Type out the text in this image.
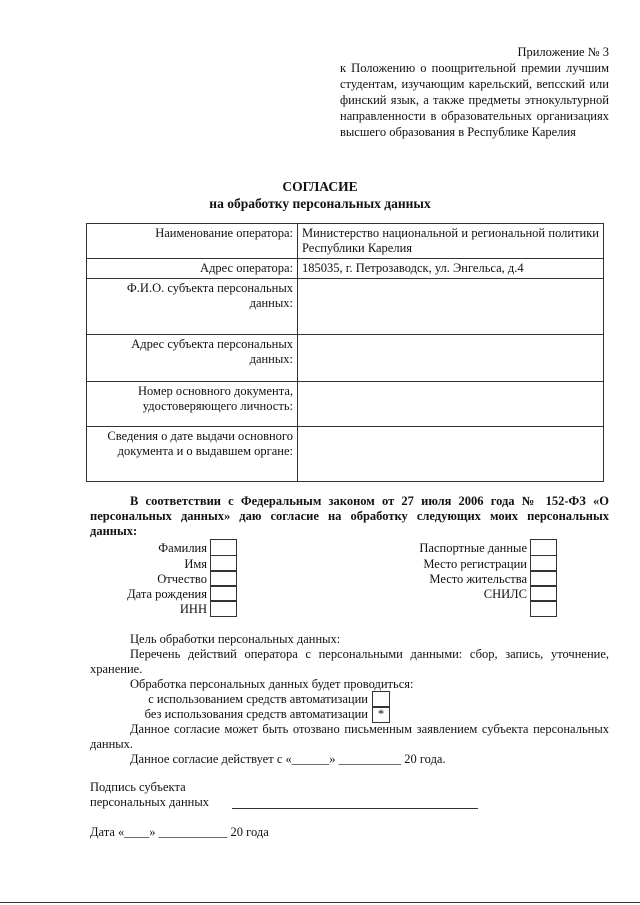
Приложение № 3
к Положению о поощрительной премии лучшим студентам, изучающим карельский, вепсский или финский язык, а также предметы этнокультурной направленности в образовательных организациях высшего образования в Республике Карелия
СОГЛАСИЕ
на обработку персональных данных
Наименование оператора:	Министерство национальной и региональной политики Республики Карелия
Адрес оператора:	185035, г. Петрозаводск, ул. Энгельса, д.4
Ф.И.О. субъекта персональных данных:	
Адрес субъекта персональных данных:	
Номер основного документа, удостоверяющего личность:	
Сведения о дате выдачи основного документа и о выдавшем органе:	
В соответствии с Федеральным законом от 27 июля 2006 года № 152-ФЗ «О персональных данных» даю согласие на обработку следующих моих персональных данных:
Фамилия
Имя
Отчество
Дата рождения
ИНН
Паспортные данные
Место регистрации
Место жительства
СНИЛС
Цель обработки персональных данных:
Перечень действий оператора с персональными данными: сбор, запись, уточнение, хранение.
Обработка персональных данных будет проводиться:
с использованием средств автоматизации
без использования средств автоматизации *
Данное согласие может быть отозвано письменным заявлением субъекта персональных данных.
Данное согласие действует с «______» __________ 20 года.
Подпись субъекта
персональных данных
Дата «____» ___________ 20 года
